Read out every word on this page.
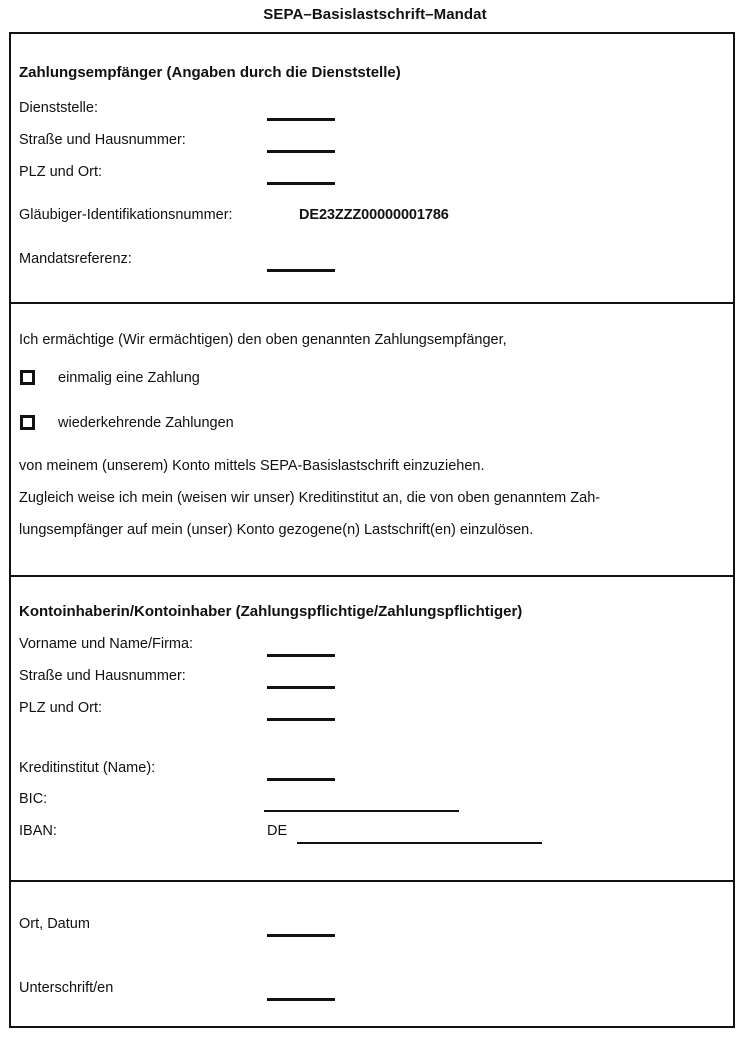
SEPA–Basislastschrift–Mandat
Zahlungsempfänger (Angaben durch die Dienststelle)
Dienststelle:
Straße und Hausnummer:
PLZ und Ort:
Gläubiger-Identifikationsnummer:	DE23ZZZ00000001786
Mandatsreferenz:
Ich ermächtige (Wir ermächtigen) den oben genannten Zahlungsempfänger,
einmalig eine Zahlung
wiederkehrende Zahlungen
von meinem (unserem) Konto mittels SEPA-Basislastschrift einzuziehen.
Zugleich weise ich mein (weisen wir unser) Kreditinstitut an, die von oben genanntem Zah-
lungsempfänger auf mein (unser) Konto gezogene(n) Lastschrift(en) einzulösen.
Kontoinhaberin/Kontoinhaber (Zahlungspflichtige/Zahlungspflichtiger)
Vorname und Name/Firma:
Straße und Hausnummer:
PLZ und Ort:
Kreditinstitut (Name):
BIC:
IBAN:	DE
Ort, Datum
Unterschrift/en
